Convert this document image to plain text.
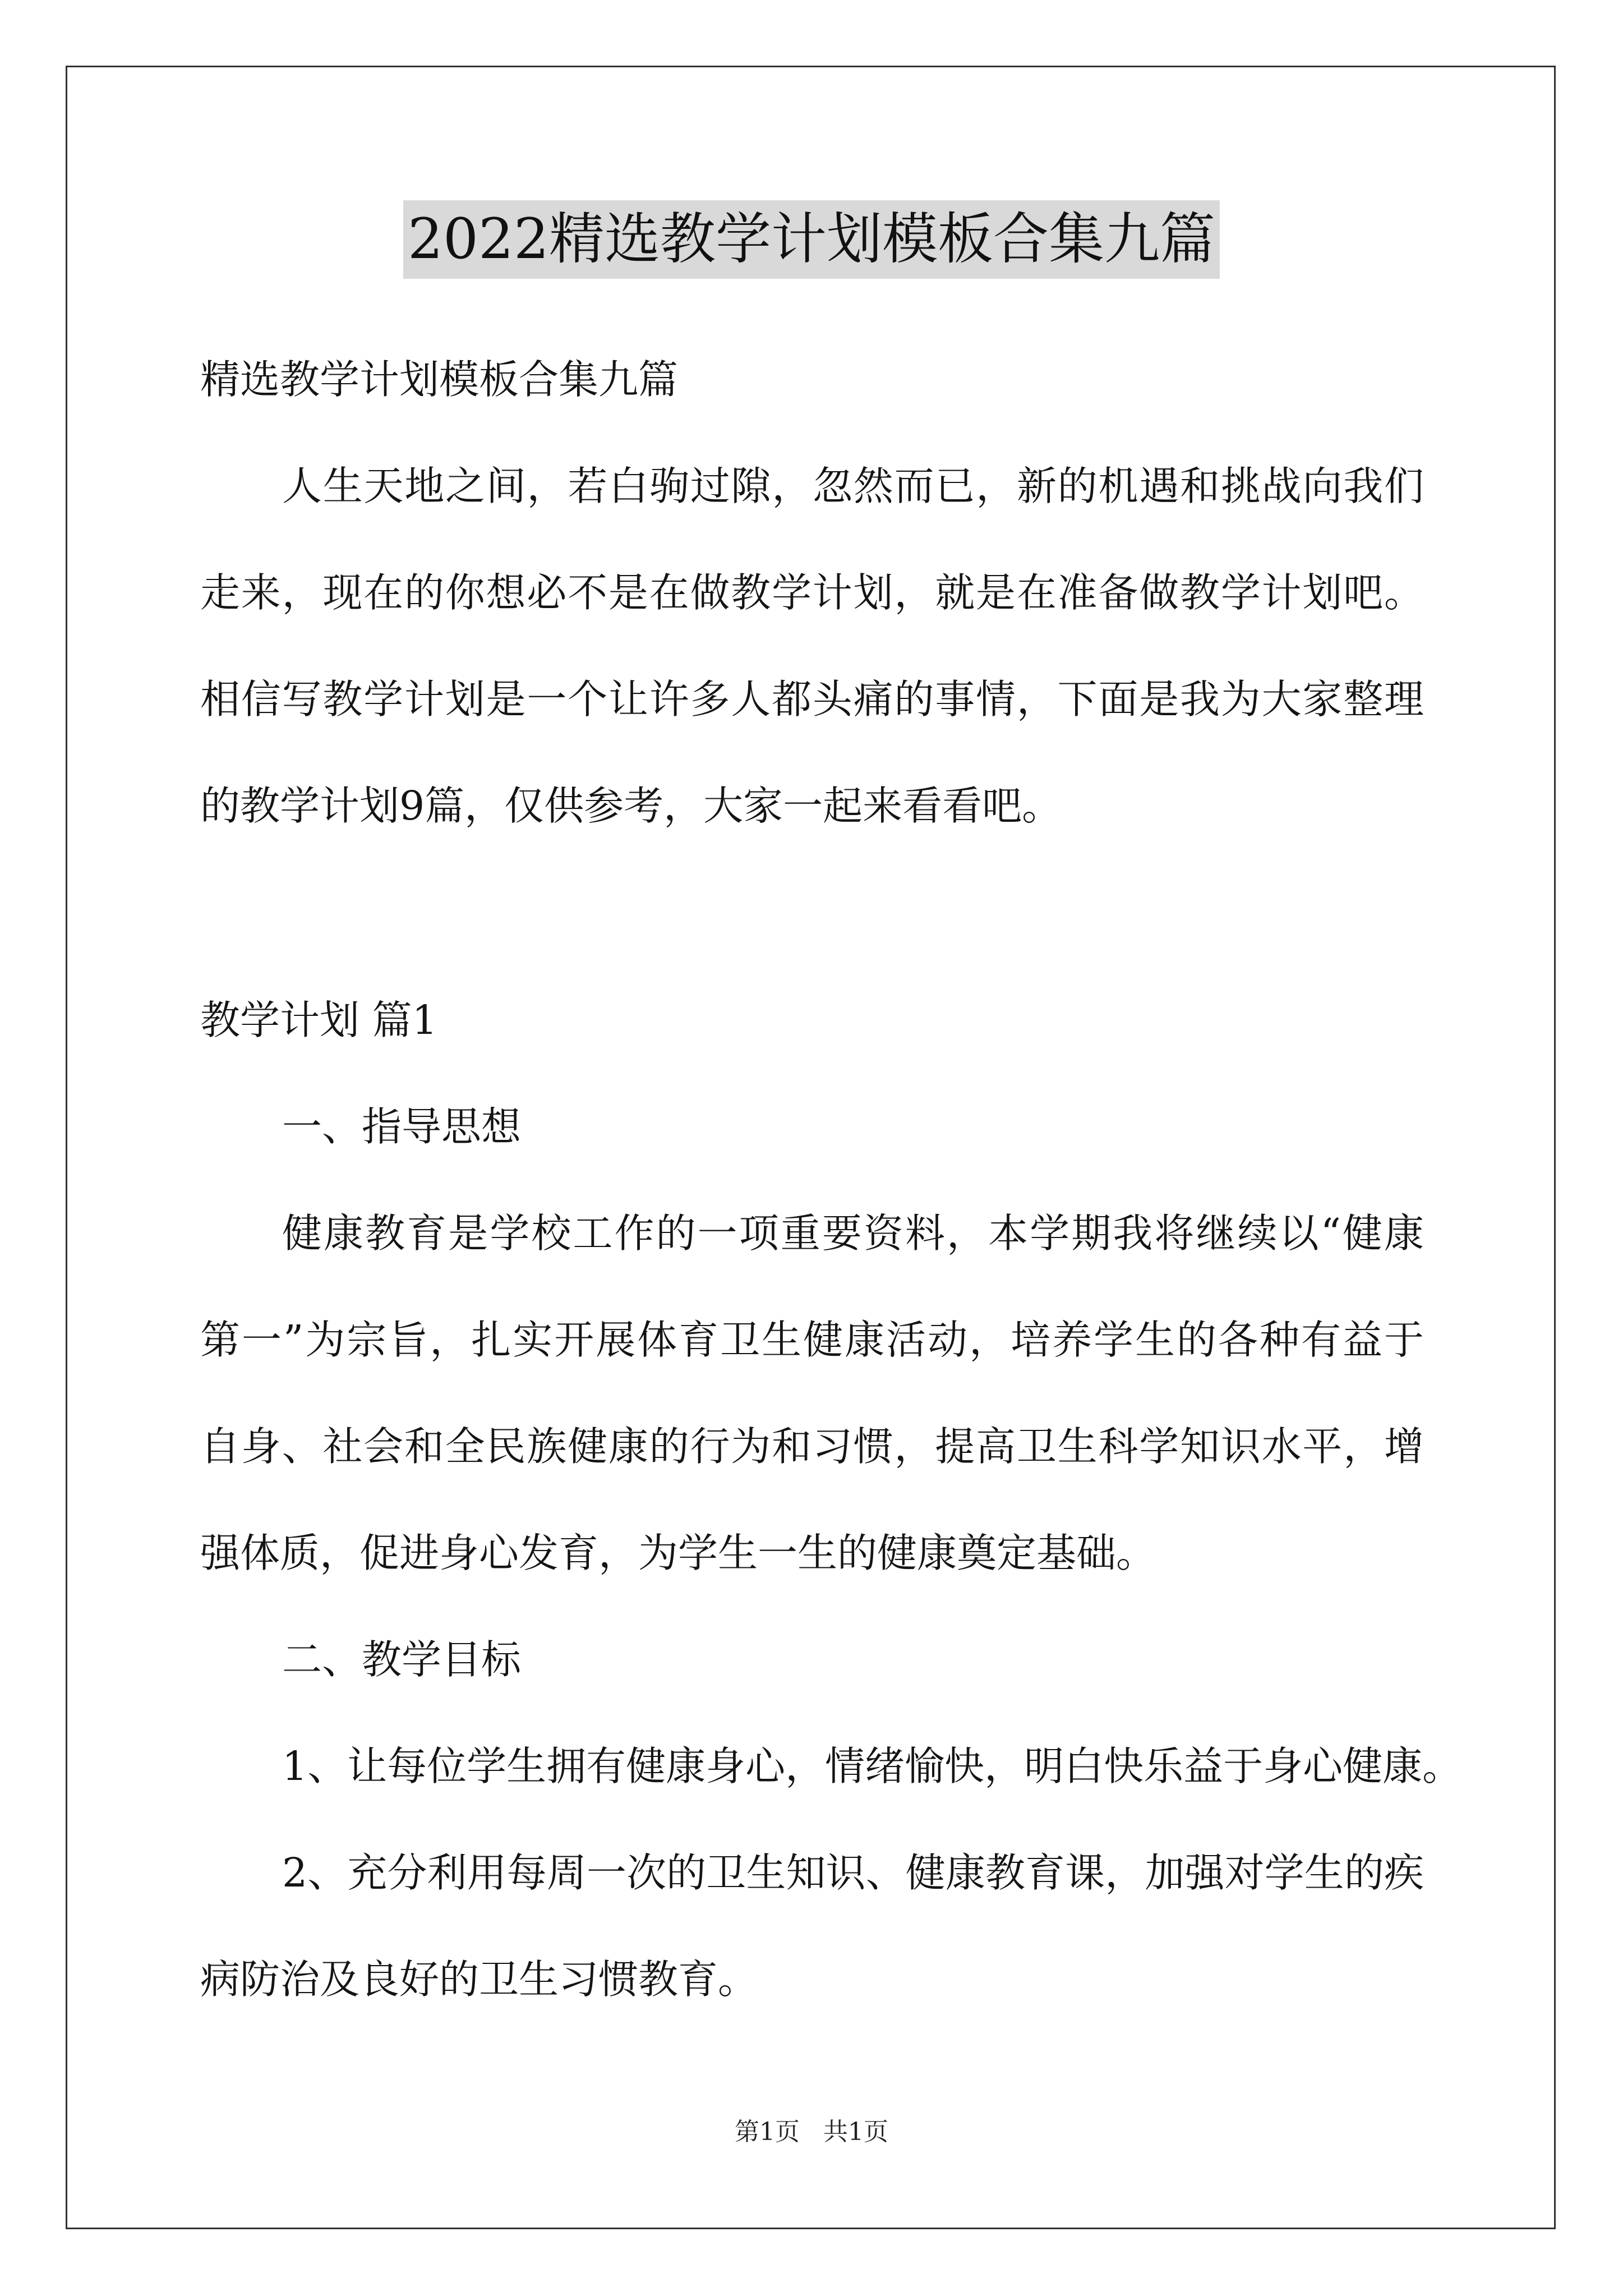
2022精选教学计划模板合集九篇
精选教学计划模板合集九篇
人生天地之间，若白驹过隙，忽然而已，新的机遇和挑战向我们
走来，现在的你想必不是在做教学计划，就是在准备做教学计划吧。
相信写教学计划是一个让许多人都头痛的事情，下面是我为大家整理
的教学计划9篇，仅供参考，大家一起来看看吧。
教学计划 篇1
一、指导思想
健康教育是学校工作的一项重要资料，本学期我将继续以“健康
第一”为宗旨，扎实开展体育卫生健康活动，培养学生的各种有益于
自身、社会和全民族健康的行为和习惯，提高卫生科学知识水平，增
强体质，促进身心发育，为学生一生的健康奠定基础。
二、教学目标
1、让每位学生拥有健康身心，情绪愉快，明白快乐益于身心健康。
2、充分利用每周一次的卫生知识、健康教育课，加强对学生的疾
病防治及良好的卫生习惯教育。
第1页   共1页
